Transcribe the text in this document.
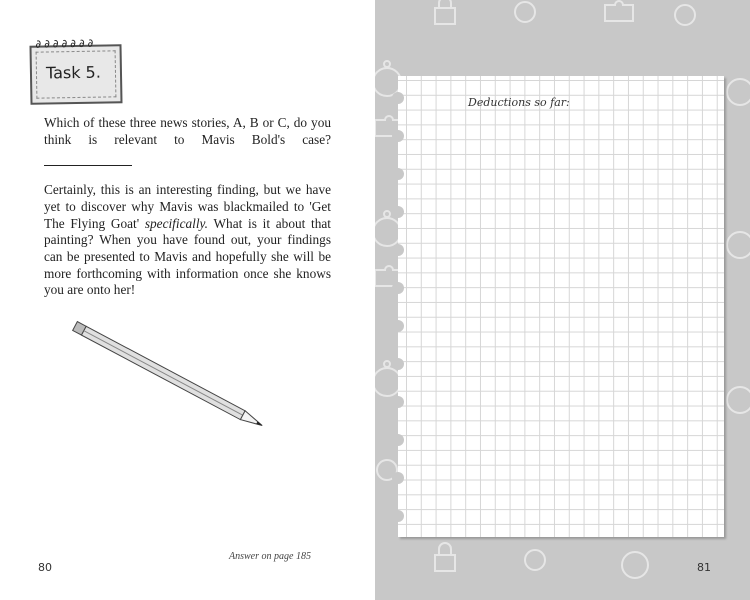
∂∂∂∂∂∂∂
Task 5.

Which of these three news stories, A, B or C, do you think is relevant to Mavis Bold's case?

Certainly, this is an interesting finding, but we have yet to discover why Mavis was blackmailed to 'Get The Flying Goat' specifically. What is it about that painting? When you have found out, your findings can be presented to Mavis and hopefully she will be more forthcoming with information once she knows you are onto her!

Answer on page 185
80
Deductions so far:
81
